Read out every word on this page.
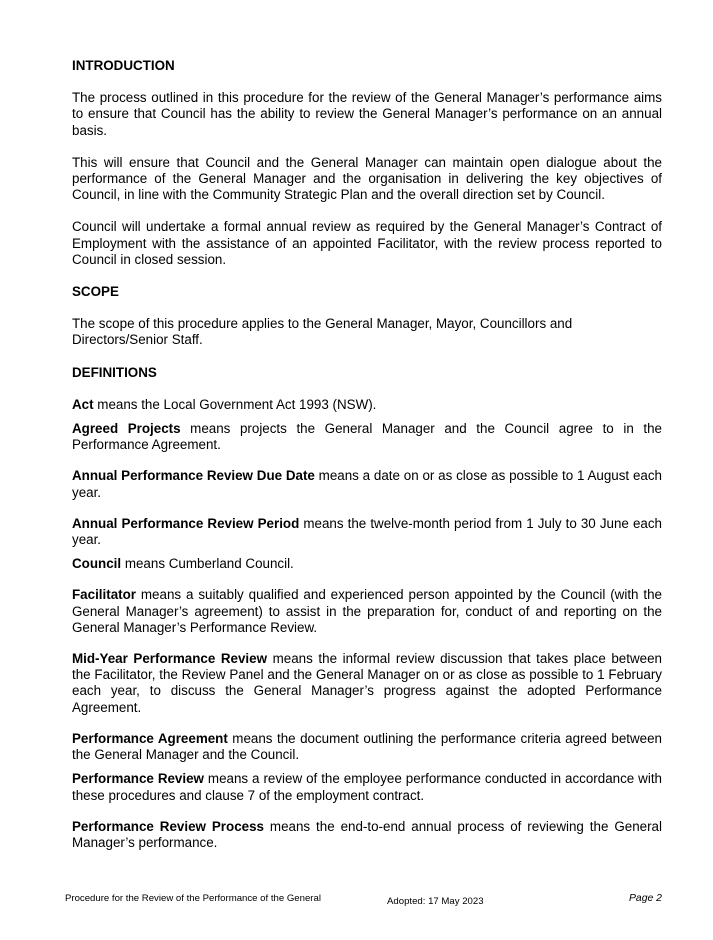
INTRODUCTION

The process outlined in this procedure for the review of the General Manager’s performance aims to ensure that Council has the ability to review the General Manager’s performance on an annual basis.

This will ensure that Council and the General Manager can maintain open dialogue about the performance of the General Manager and the organisation in delivering the key objectives of Council, in line with the Community Strategic Plan and the overall direction set by Council.

Council will undertake a formal annual review as required by the General Manager’s Contract of Employment with the assistance of an appointed Facilitator, with the review process reported to Council in closed session.

SCOPE

The scope of this procedure applies to the General Manager, Mayor, Councillors and Directors/Senior Staff.

DEFINITIONS

Act means the Local Government Act 1993 (NSW).

Agreed Projects means projects the General Manager and the Council agree to in the Performance Agreement.

Annual Performance Review Due Date means a date on or as close as possible to 1 August each year.

Annual Performance Review Period means the twelve-month period from 1 July to 30 June each year.

Council means Cumberland Council.

Facilitator means a suitably qualified and experienced person appointed by the Council (with the General Manager’s agreement) to assist in the preparation for, conduct of and reporting on the General Manager’s Performance Review.

Mid-Year Performance Review means the informal review discussion that takes place between the Facilitator, the Review Panel and the General Manager on or as close as possible to 1 February each year, to discuss the General Manager’s progress against the adopted Performance Agreement.

Performance Agreement means the document outlining the performance criteria agreed between the General Manager and the Council.

Performance Review means a review of the employee performance conducted in accordance with these procedures and clause 7 of the employment contract.

Performance Review Process means the end-to-end annual process of reviewing the General Manager’s performance.

Procedure for the Review of the Performance of the General	Adopted: 17 May 2023	Page 2
